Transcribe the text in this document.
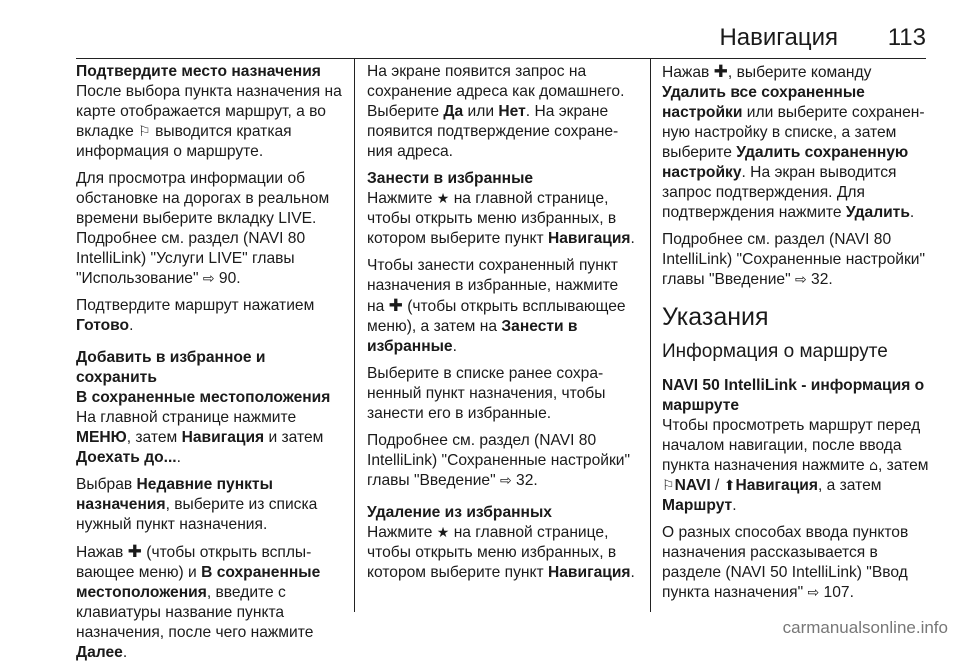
Навигация 113
Подтвердите место назначения

После выбора пункта назначения на карте отображается маршрут, а во вкладке ⚐ выводится краткая информация о маршруте.

Для просмотра информации об обстановке на дорогах в реальном времени выберите вкладку LIVE. Подробнее см. раздел (NAVI 80 IntelliLink) "Услуги LIVE" главы "Использование" ⇨ 90.

Подтвердите маршрут нажатием Готово.

Добавить в избранное и сохранить
В сохраненные местоположения

На главной странице нажмите МЕНЮ, затем Навигация и затем Доехать до....

Выбрав Недавние пункты назначения, выберите из списка нужный пункт назначения.

Нажав ✚ (чтобы открыть всплы-вающее меню) и В сохраненные местоположения, введите с клавиатуры название пункта назначения, после чего нажмите Далее.

На экране появится запрос на сохранение адреса как домашнего. Выберите Да или Нет. На экране появится подтверждение сохране-ния адреса.

Занести в избранные

Нажмите ★ на главной странице, чтобы открыть меню избранных, в котором выберите пункт Навигация.

Чтобы занести сохраненный пункт назначения в избранные, нажмите на ✚ (чтобы открыть всплывающее меню), а затем на Занести в избранные.

Выберите в списке ранее сохра-ненный пункт назначения, чтобы занести его в избранные.

Подробнее см. раздел (NAVI 80 IntelliLink) "Сохраненные настройки" главы "Введение" ⇨ 32.

Удаление из избранных

Нажмите ★ на главной странице, чтобы открыть меню избранных, в котором выберите пункт Навигация.

Нажав ✚, выберите команду Удалить все сохраненные настройки или выберите сохранен-ную настройку в списке, а затем выберите Удалить сохраненную настройку. На экран выводится запрос подтверждения. Для подтверждения нажмите Удалить.

Подробнее см. раздел (NAVI 80 IntelliLink) "Сохраненные настройки" главы "Введение" ⇨ 32.

Указания
Информация о маршруте
NAVI 50 IntelliLink - информация о маршруте

Чтобы просмотреть маршрут перед началом навигации, после ввода пункта назначения нажмите ⌂, затем ⚐NAVI / ⬆Навигация, а затем Маршрут.

О разных способах ввода пунктов назначения рассказывается в разделе (NAVI 50 IntelliLink) "Ввод пункта назначения" ⇨ 107.

carmanualsonline.info
